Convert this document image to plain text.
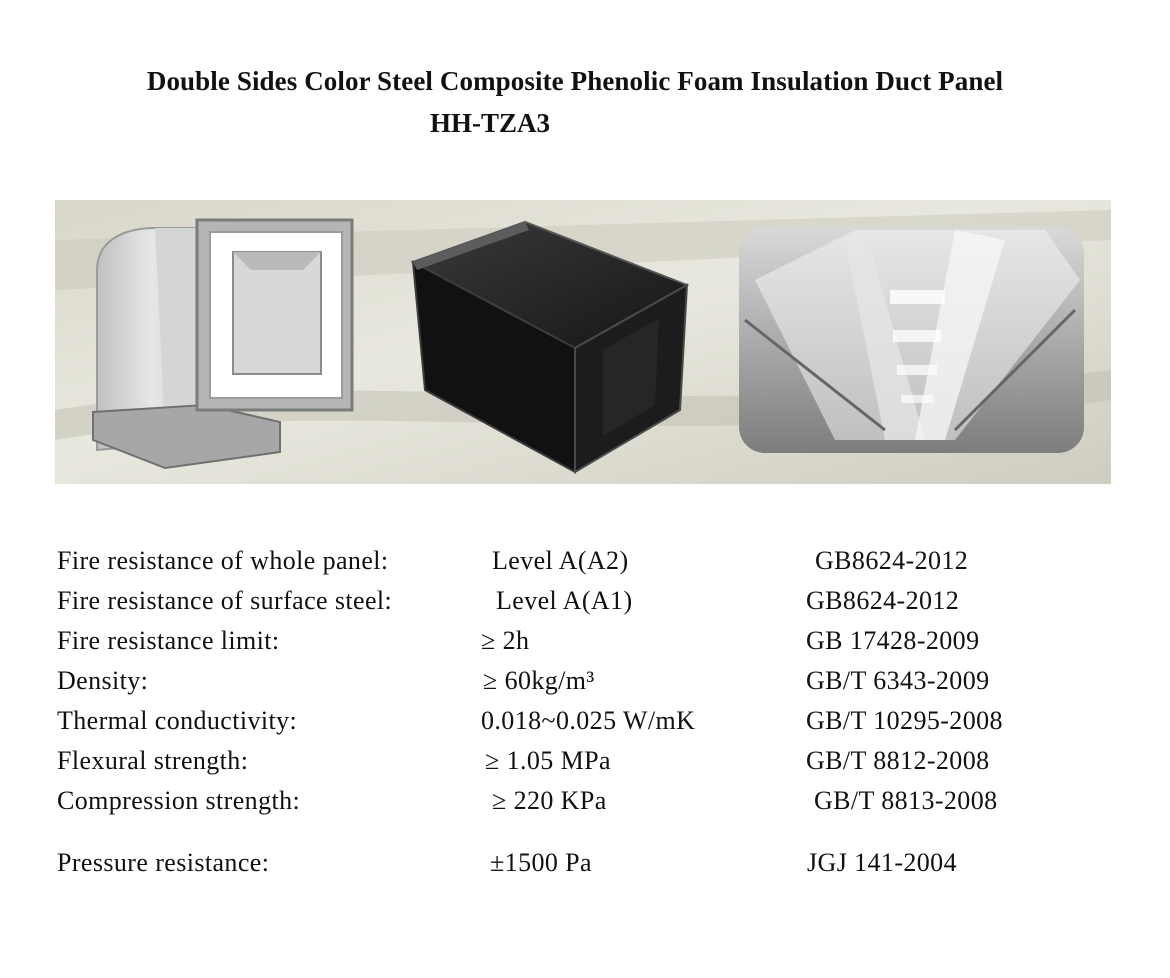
Double Sides Color Steel Composite Phenolic Foam Insulation Duct Panel
HH-TZA3
Fire resistance of whole panel:	Level A(A2)	GB8624-2012
Fire resistance of surface steel:	Level A(A1)	GB8624-2012
Fire resistance limit:	≥ 2h	GB 17428-2009
Density:	≥ 60kg/m³	GB/T 6343-2009
Thermal conductivity:	0.018~0.025 W/mK	GB/T 10295-2008
Flexural strength:	≥ 1.05 MPa	GB/T 8812-2008
Compression strength:	≥ 220 KPa	GB/T 8813-2008
Pressure resistance:	±1500 Pa	JGJ 141-2004
